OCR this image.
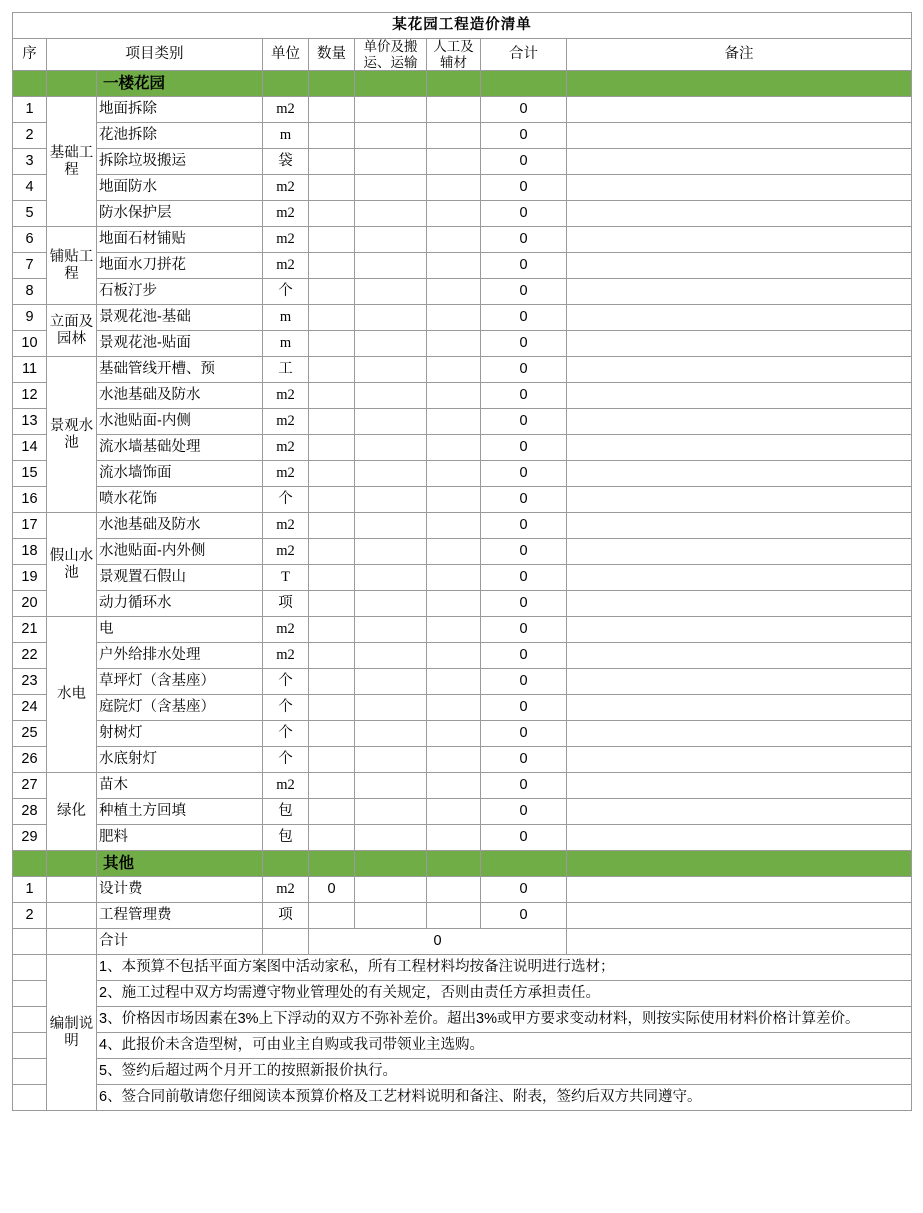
某花园工程造价清单								
序	项目类别		单位	数量	单价及搬运、运输	人工及辅材	合计	备注
		一楼花园						
1	基础工程	地面拆除	m2				0	
2		花池拆除	m				0	
3		拆除垃圾搬运	袋				0	
4		地面防水	m2				0	
5		防水保护层	m2				0	
6	铺贴工程	地面石材铺贴	m2				0	
7		地面水刀拼花	m2				0	
8		石板汀步	个				0	
9	立面及园林	景观花池-基础	m				0	
10		景观花池-贴面	m				0	
11	景观水池	基础管线开槽、预	工				0	
12		水池基础及防水	m2				0	
13		水池贴面-内侧	m2				0	
14		流水墙基础处理	m2				0	
15		流水墙饰面	m2				0	
16		喷水花饰	个				0	
17	假山水池	水池基础及防水	m2				0	
18		水池贴面-内外侧	m2				0	
19		景观置石假山	T				0	
20		动力循环水	项				0	
21	水电	电	m2				0	
22		户外给排水处理	m2				0	
23		草坪灯（含基座）	个				0	
24		庭院灯（含基座）	个				0	
25		射树灯	个				0	
26		水底射灯	个				0	
27	绿化	苗木	m2				0	
28		种植土方回填	包				0	
29		肥料	包				0	
		其他						
1		设计费	m2	0			0	
2		工程管理费	项				0	
		合计		0				
	编制说明	1、本预算不包括平面方案图中活动家私，所有工程材料均按备注说明进行选材；						
		2、施工过程中双方均需遵守物业管理处的有关规定，否则由责任方承担责任。						
		3、价格因市场因素在3%上下浮动的双方不弥补差价。超出3%或甲方要求变动材料，则按实际使用材料价格计算差价。						
		4、此报价未含造型树，可由业主自购或我司带领业主选购。						
		5、签约后超过两个月开工的按照新报价执行。						
		6、签合同前敬请您仔细阅读本预算价格及工艺材料说明和备注、附表，签约后双方共同遵守。						
